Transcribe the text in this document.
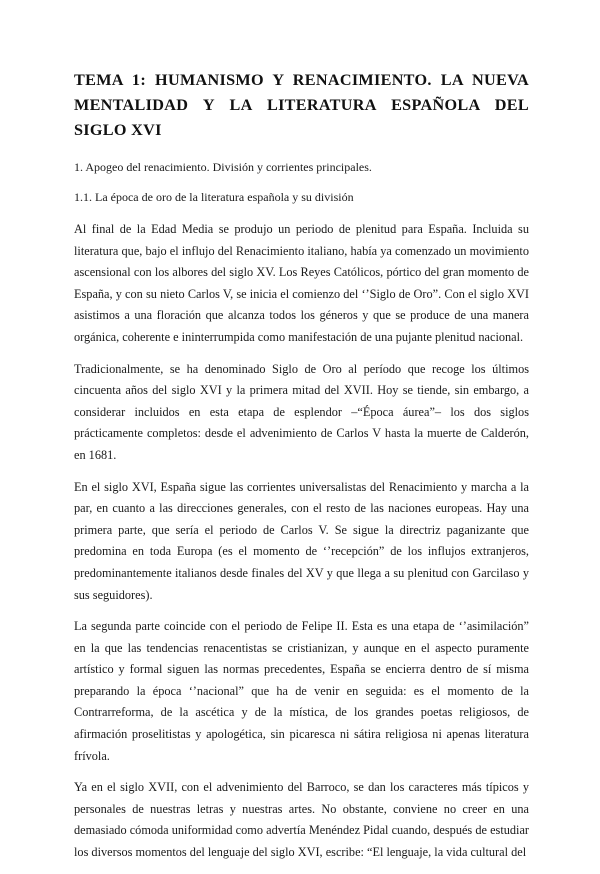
TEMA 1: HUMANISMO Y RENACIMIENTO. LA NUEVA MENTALIDAD Y LA LITERATURA ESPAÑOLA DEL SIGLO XVI
1. Apogeo del renacimiento. División y corrientes principales.
1.1. La época de oro de la literatura española y su división

Al final de la Edad Media se produjo un periodo de plenitud para España. Incluida su literatura que, bajo el influjo del Renacimiento italiano, había ya comenzado un movimiento ascensional con los albores del siglo XV. Los Reyes Católicos, pórtico del gran momento de España, y con su nieto Carlos V, se inicia el comienzo del ‘’Siglo de Oro”. Con el siglo XVI asistimos a una floración que alcanza todos los géneros y que se produce de una manera orgánica, coherente e ininterrumpida como manifestación de una pujante plenitud nacional.

Tradicionalmente, se ha denominado Siglo de Oro al período que recoge los últimos cincuenta años del siglo XVI y la primera mitad del XVII. Hoy se tiende, sin embargo, a considerar incluidos en esta etapa de esplendor –“Época áurea”– los dos siglos prácticamente completos: desde el advenimiento de Carlos V hasta la muerte de Calderón, en 1681.

En el siglo XVI, España sigue las corrientes universalistas del Renacimiento y marcha a la par, en cuanto a las direcciones generales, con el resto de las naciones europeas. Hay una primera parte, que sería el periodo de Carlos V. Se sigue la directriz paganizante que predomina en toda Europa (es el momento de ‘’recepción” de los influjos extranjeros, predominantemente italianos desde finales del XV y que llega a su plenitud con Garcilaso y sus seguidores).

La segunda parte coincide con el periodo de Felipe II. Esta es una etapa de ‘’asimilación” en la que las tendencias renacentistas se cristianizan, y aunque en el aspecto puramente artístico y formal siguen las normas precedentes, España se encierra dentro de sí misma preparando la época ‘’nacional” que ha de venir en seguida: es el momento de la Contrarreforma, de la ascética y de la mística, de los grandes poetas religiosos, de afirmación proselitistas y apologética, sin picaresca ni sátira religiosa ni apenas literatura frívola.

Ya en el siglo XVII, con el advenimiento del Barroco, se dan los caracteres más típicos y personales de nuestras letras y nuestras artes. No obstante, conviene no creer en una demasiado cómoda uniformidad como advertía Menéndez Pidal cuando, después de estudiar los diversos momentos del lenguaje del siglo XVI, escribe: “El lenguaje, la vida cultural del
